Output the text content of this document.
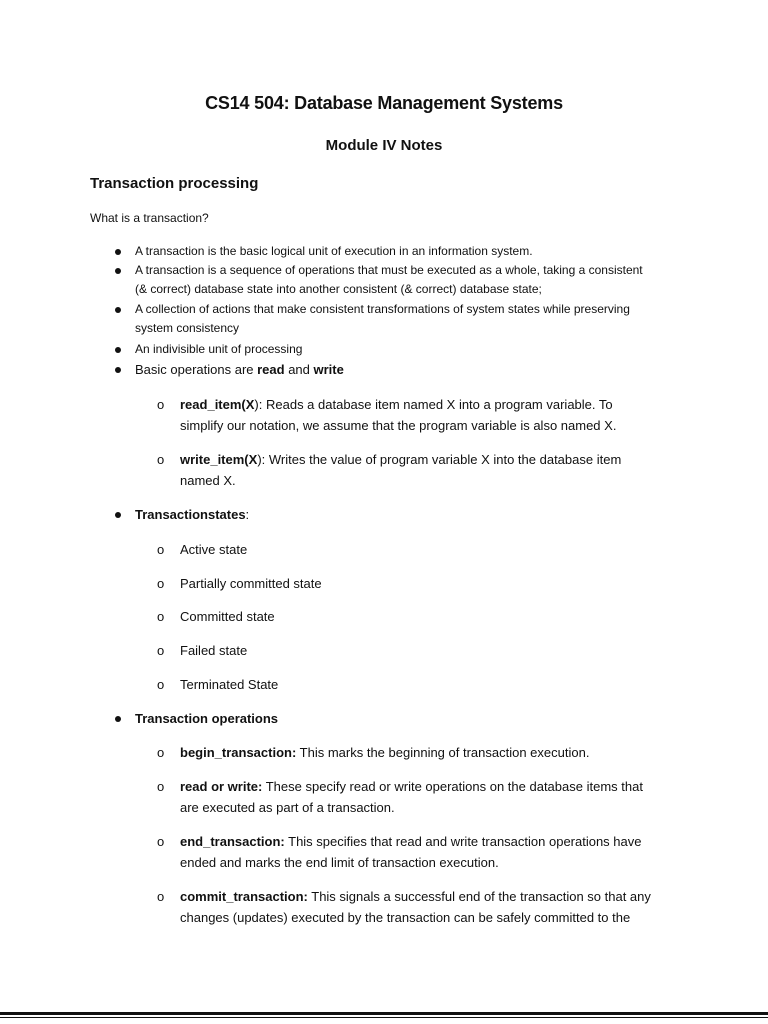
CS14 504: Database Management Systems
Module IV Notes
Transaction processing
What is a transaction?
A transaction is the basic logical unit of execution in an information system.
A transaction is a sequence of operations that must be executed as a whole, taking a consistent
(& correct) database state into another consistent (& correct) database state;
A collection of actions that make consistent transformations of system states while preserving
system consistency
An indivisible unit of processing
Basic operations are read and write
o read_item(X): Reads a database item named X into a program variable. To
simplify our notation, we assume that the program variable is also named X.
o write_item(X): Writes the value of program variable X into the database item
named X.
Transactionstates:
o Active state
o Partially committed state
o Committed state
o Failed state
o Terminated State
Transaction operations
o begin_transaction: This marks the beginning of transaction execution.
o read or write: These specify read or write operations on the database items that
are executed as part of a transaction.
o end_transaction: This specifies that read and write transaction operations have
ended and marks the end limit of transaction execution.
o commit_transaction: This signals a successful end of the transaction so that any
changes (updates) executed by the transaction can be safely committed to the
